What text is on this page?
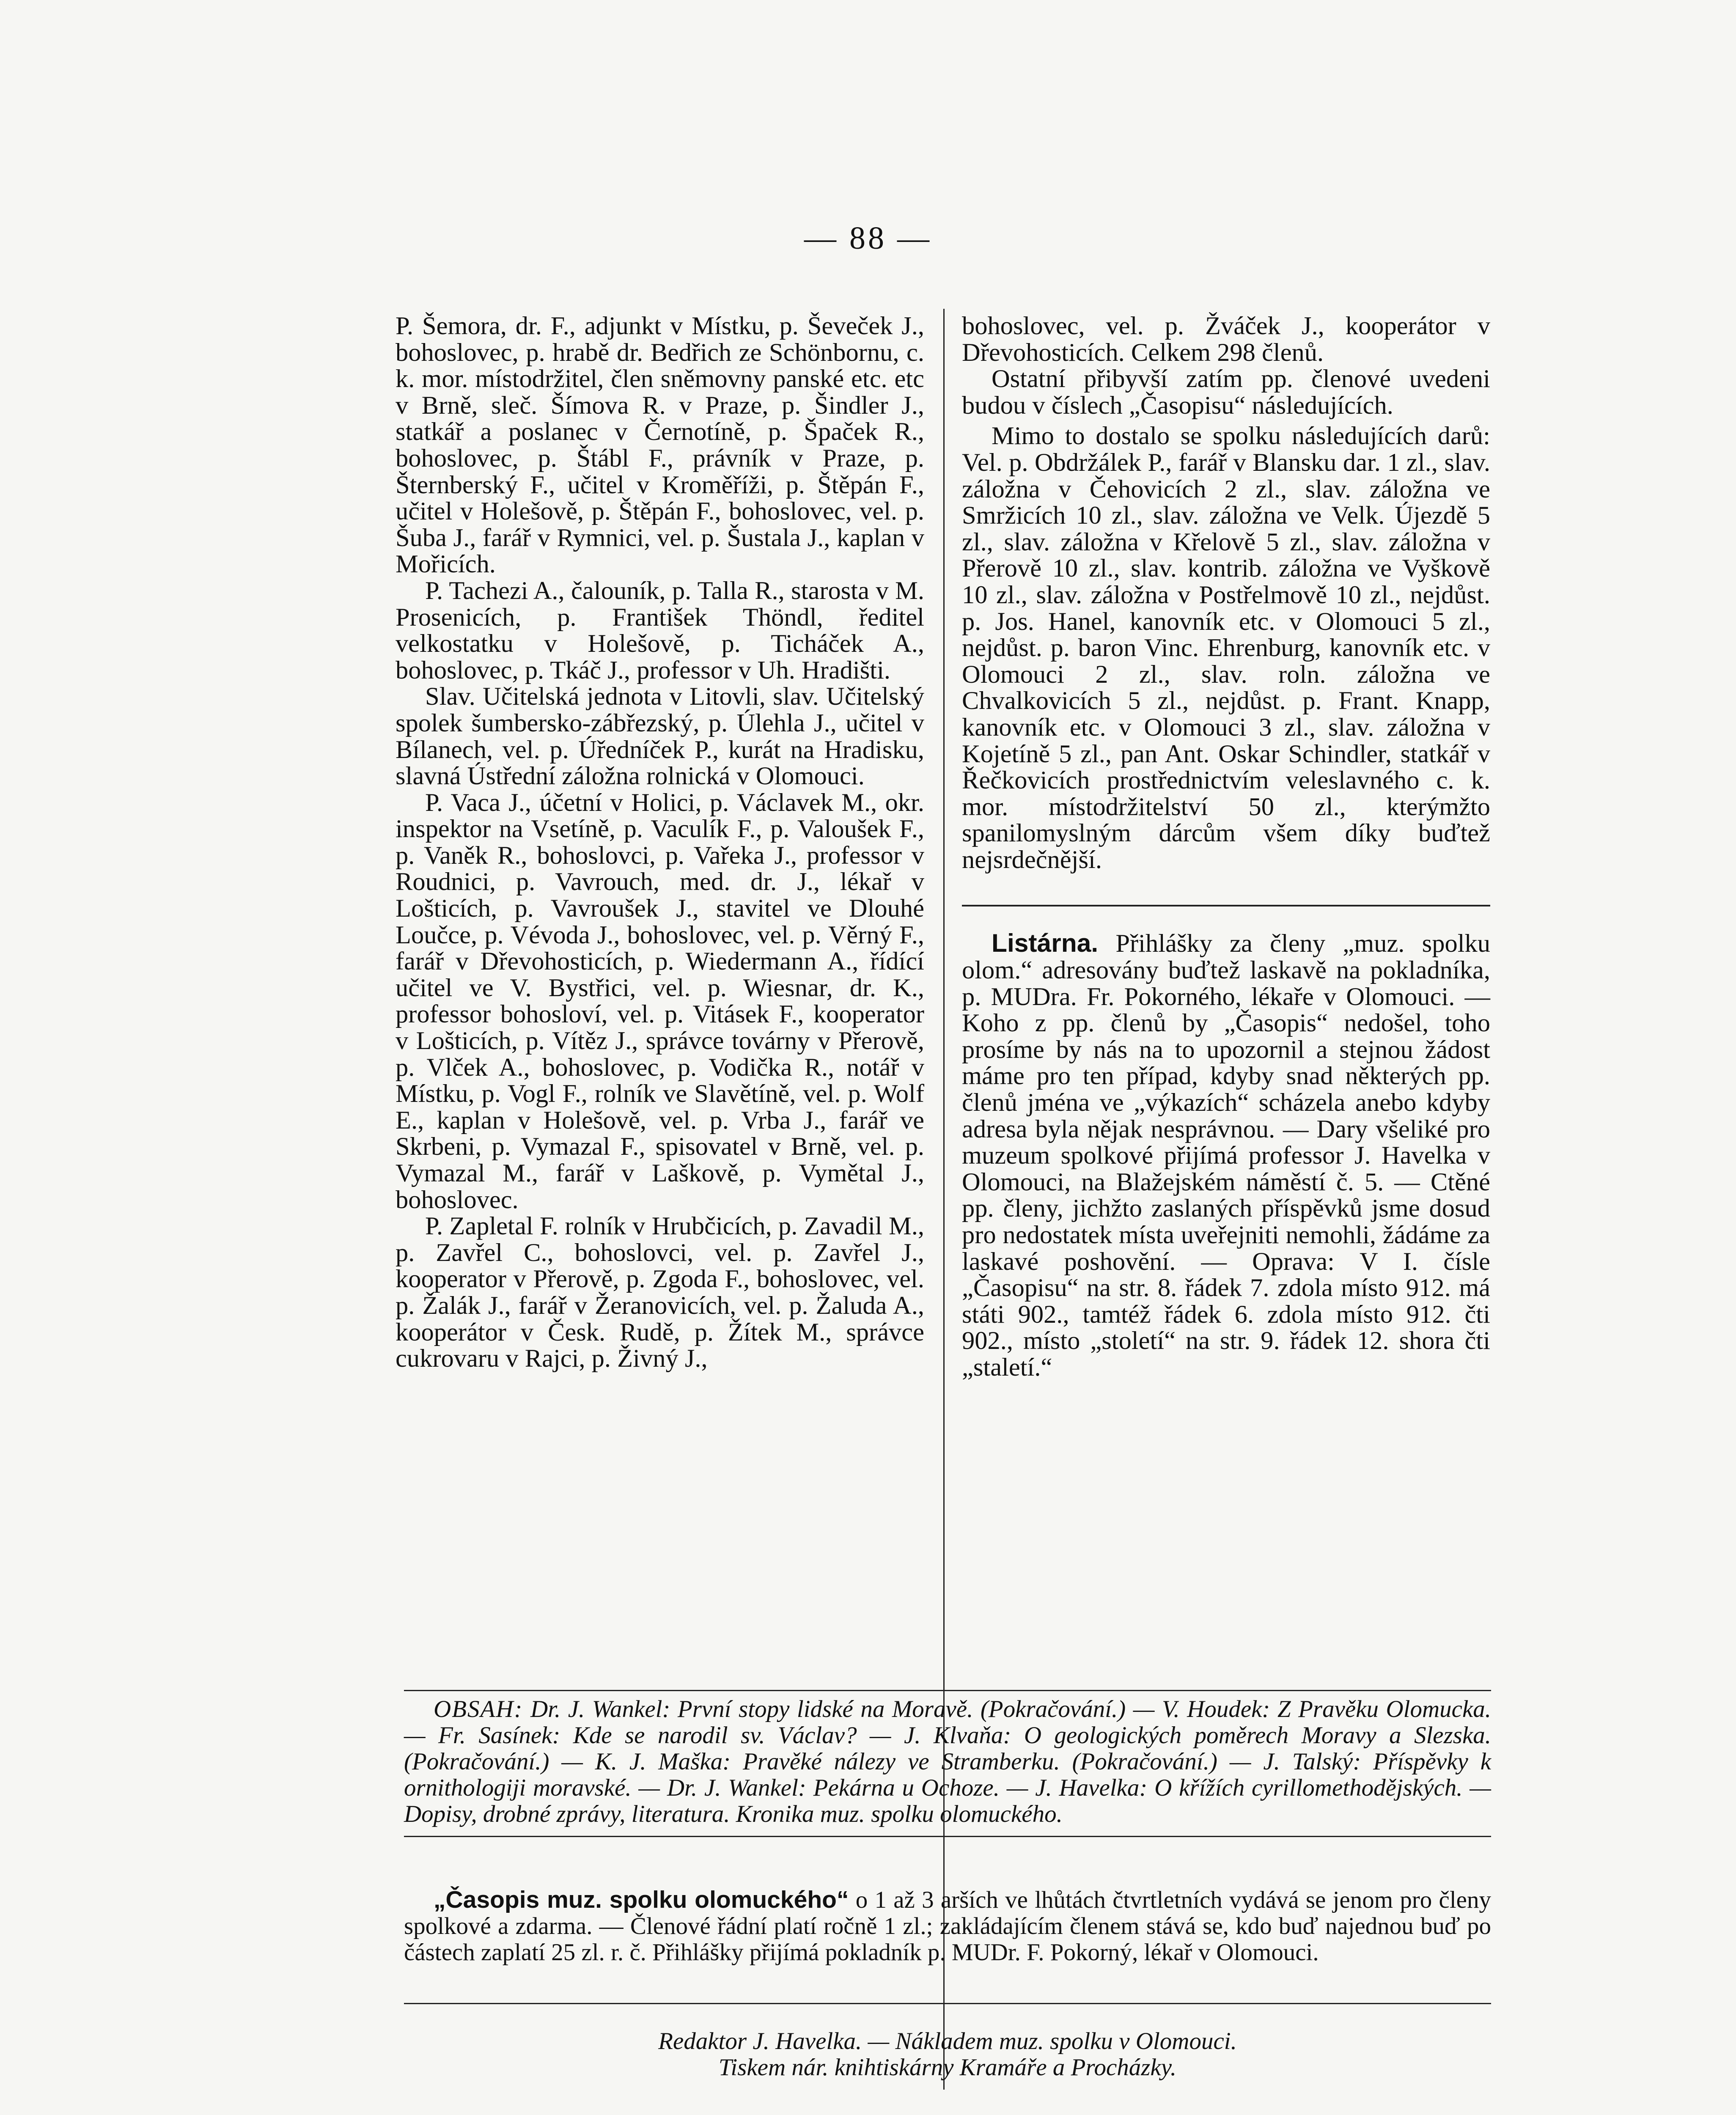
— 88 —

P. Šemora, dr. F., adjunkt v Místku, p. Ševeček J., bohoslovec, p. hrabě dr. Bedřich ze Schönbornu, c. k. mor. místodržitel, člen sněmovny panské etc. etc v Brně, sleč. Šímova R. v Praze, p. Šindler J., statkář a poslanec v Černotíně, p. Špaček R., bohoslovec, p. Štábl F., právník v Praze, p. Šternberský F., učitel v Kroměříži, p. Štěpán F., učitel v Holešově, p. Štěpán F., bohoslovec, vel. p. Šuba J., farář v Rymnici, vel. p. Šustala J., kaplan v Mořicích.

P. Tachezi A., čalouník, p. Talla R., starosta v M. Prosenicích, p. František Thöndl, ředitel velkostatku v Holešově, p. Ticháček A., bohoslovec, p. Tkáč J., professor v Uh. Hradišti.

Slav. Učitelská jednota v Litovli, slav. Učitelský spolek šumbersko-zábřezský, p. Úlehla J., učitel v Bílanech, vel. p. Úředníček P., kurát na Hradisku, slavná Ústřední záložna rolnická v Olomouci.

P. Vaca J., účetní v Holici, p. Václavek M., okr. inspektor na Vsetíně, p. Vaculík F., p. Valoušek F., p. Vaněk R., bohoslovci, p. Vařeka J., professor v Roudnici, p. Vavrouch, med. dr. J., lékař v Lošticích, p. Vavroušek J., stavitel ve Dlouhé Loučce, p. Vévoda J., bohoslovec, vel. p. Věrný F., farář v Dřevohosticích, p. Wiedermann A., řídící učitel ve V. Bystřici, vel. p. Wiesnar, dr. K., professor bohosloví, vel. p. Vitásek F., kooperator v Lošticích, p. Vítěz J., správce továrny v Přerově, p. Vlček A., bohoslovec, p. Vodička R., notář v Místku, p. Vogl F., rolník ve Slavětíně, vel. p. Wolf E., kaplan v Holešově, vel. p. Vrba J., farář ve Skrbeni, p. Vymazal F., spisovatel v Brně, vel. p. Vymazal M., farář v Laškově, p. Vymětal J., bohoslovec.

P. Zapletal F. rolník v Hrubčicích, p. Zavadil M., p. Zavřel C., bohoslovci, vel. p. Zavřel J., kooperator v Přerově, p. Zgoda F., bohoslovec, vel. p. Žalák J., farář v Žeranovicích, vel. p. Žaluda A., kooperátor v Česk. Rudě, p. Žítek M., správce cukrovaru v Rajci, p. Živný J.,

bohoslovec, vel. p. Žváček J., kooperátor v Dřevohosticích. Celkem 298 členů.

Ostatní přibyvší zatím pp. členové uvedeni budou v číslech „Časopisu“ následujících.

Mimo to dostalo se spolku následujících darů: Vel. p. Obdržálek P., farář v Blansku dar. 1 zl., slav. záložna v Čehovicích 2 zl., slav. záložna ve Smržicích 10 zl., slav. záložna ve Velk. Újezdě 5 zl., slav. záložna v Křelově 5 zl., slav. záložna v Přerově 10 zl., slav. kontrib. záložna ve Vyškově 10 zl., slav. záložna v Postřelmově 10 zl., nejdůst. p. Jos. Hanel, kanovník etc. v Olomouci 5 zl., nejdůst. p. baron Vinc. Ehrenburg, kanovník etc. v Olomouci 2 zl., slav. roln. záložna ve Chvalkovicích 5 zl., nejdůst. p. Frant. Knapp, kanovník etc. v Olomouci 3 zl., slav. záložna v Kojetíně 5 zl., pan Ant. Oskar Schindler, statkář v Řečkovicích prostřednictvím veleslavného c. k. mor. místodržitelství 50 zl., kterýmžto spanilomyslným dárcům všem díky buďtež nejsrdečnější.

Listárna. Přihlášky za členy „muz. spolku olom.“ adresovány buďtež laskavě na pokladníka, p. MUDra. Fr. Pokorného, lékaře v Olomouci. — Koho z pp. členů by „Časopis“ nedošel, toho prosíme by nás na to upozornil a stejnou žádost máme pro ten případ, kdyby snad některých pp. členů jména ve „výkazích“ scházela anebo kdyby adresa byla nějak nesprávnou. — Dary všeliké pro muzeum spolkové přijímá professor J. Havelka v Olomouci, na Blažejském náměstí č. 5. — Ctěné pp. členy, jichžto zaslaných příspěvků jsme dosud pro nedostatek místa uveřejniti nemohli, žádáme za laskavé poshovění. — Oprava: V I. čísle „Časopisu“ na str. 8. řádek 7. zdola místo 912. má státi 902., tamtéž řádek 6. zdola místo 912. čti 902., místo „století“ na str. 9. řádek 12. shora čti „staletí.“

OBSAH: Dr. J. Wankel: První stopy lidské na Moravě. (Pokračování.) — V. Houdek: Z Pravěku Olomucka. — Fr. Sasínek: Kde se narodil sv. Václav? — J. Klvaňa: O geologických poměrech Moravy a Slezska. (Pokračování.) — K. J. Maška: Pravěké nálezy ve Stramberku. (Pokračování.) — J. Talský: Příspěvky k ornithologiji moravské. — Dr. J. Wankel: Pekárna u Ochoze. — J. Havelka: O křížích cyrillomethodějských. — Dopisy, drobné zprávy, literatura. Kronika muz. spolku olomuckého.

„Časopis muz. spolku olomuckého“ o 1 až 3 arších ve lhůtách čtvrtletních vydává se jenom pro členy spolkové a zdarma. — Členové řádní platí ročně 1 zl.; zakládajícím členem stává se, kdo buď najednou buď po částech zaplatí 25 zl. r. č. Přihlášky přijímá pokladník p. MUDr. F. Pokorný, lékař v Olomouci.

Redaktor J. Havelka. — Nákladem muz. spolku v Olomouci.

Tiskem nár. knihtiskárny Kramáře a Procházky.
